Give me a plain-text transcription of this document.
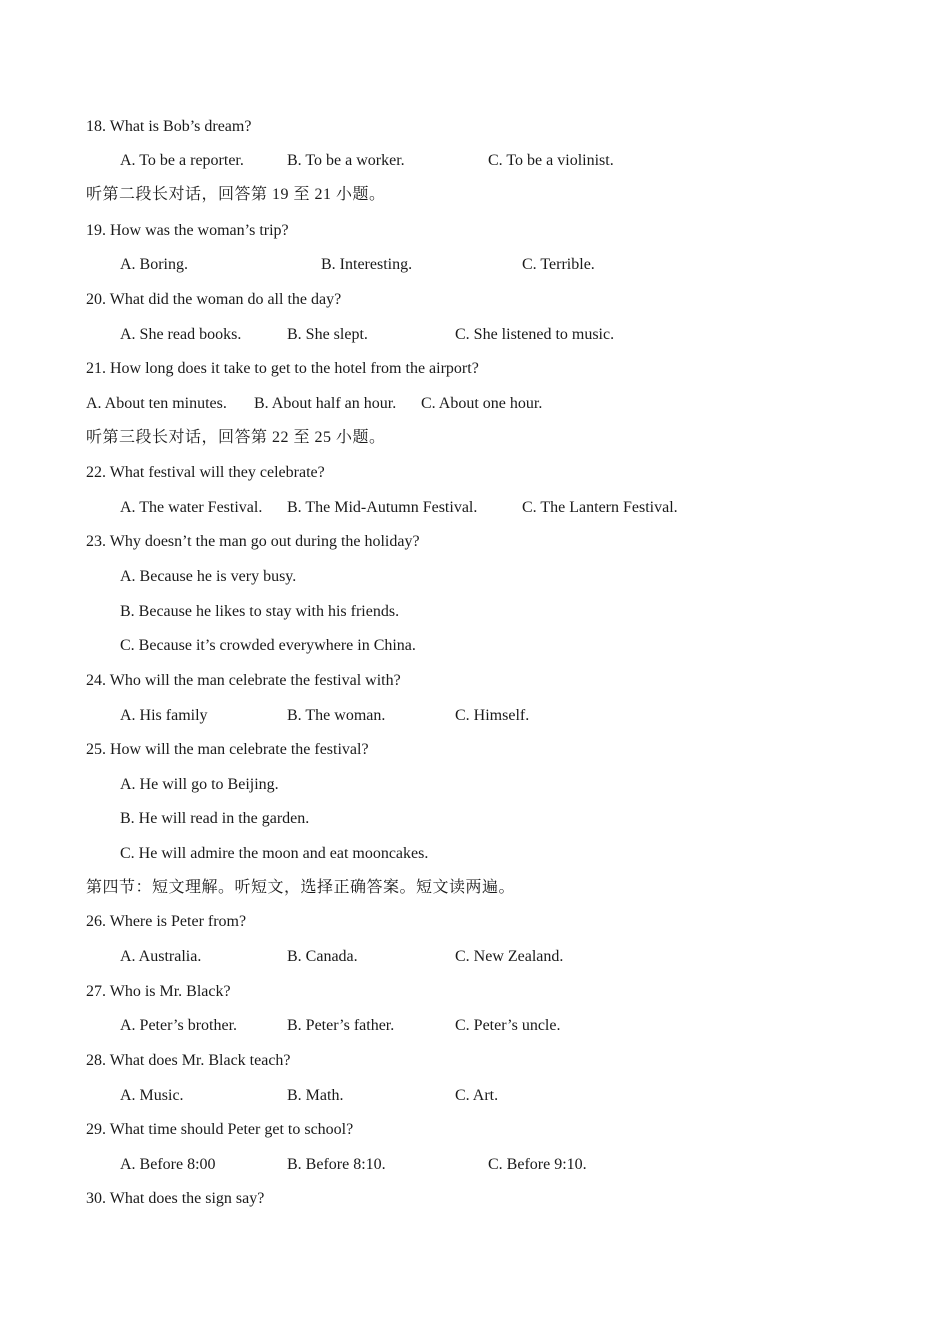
18. What is Bob’s dream?
A. To be a reporter.	B. To be a worker.	C. To be a violinist.
听第二段长对话，回答第 19 至 21 小题。
19. How was the woman’s trip?
A. Boring.	B. Interesting.	C. Terrible.
20. What did the woman do all the day?
A. She read books.	B. She slept.	C. She listened to music.
21. How long does it take to get to the hotel from the airport?
A. About ten minutes. B. About half an hour. C. About one hour.
听第三段长对话，回答第 22 至 25 小题。
22. What festival will they celebrate?
A. The water Festival. B. The Mid-Autumn Festival.	C. The Lantern Festival.
23. Why doesn’t the man go out during the holiday?
A. Because he is very busy.
B. Because he likes to stay with his friends.
C. Because it’s crowded everywhere in China.
24. Who will the man celebrate the festival with?
A. His family	B. The woman.	C. Himself.
25. How will the man celebrate the festival?
A. He will go to Beijing.
B. He will read in the garden.
C. He will admire the moon and eat mooncakes.
第四节：短文理解。听短文，选择正确答案。短文读两遍。
26. Where is Peter from?
A. Australia.	B. Canada.	C. New Zealand.
27. Who is Mr. Black?
A. Peter’s brother.	B. Peter’s father.	C. Peter’s uncle.
28. What does Mr. Black teach?
A. Music.	B. Math.	C. Art.
29. What time should Peter get to school?
A. Before 8:00	B. Before 8:10.	C. Before 9:10.
30. What does the sign say?
